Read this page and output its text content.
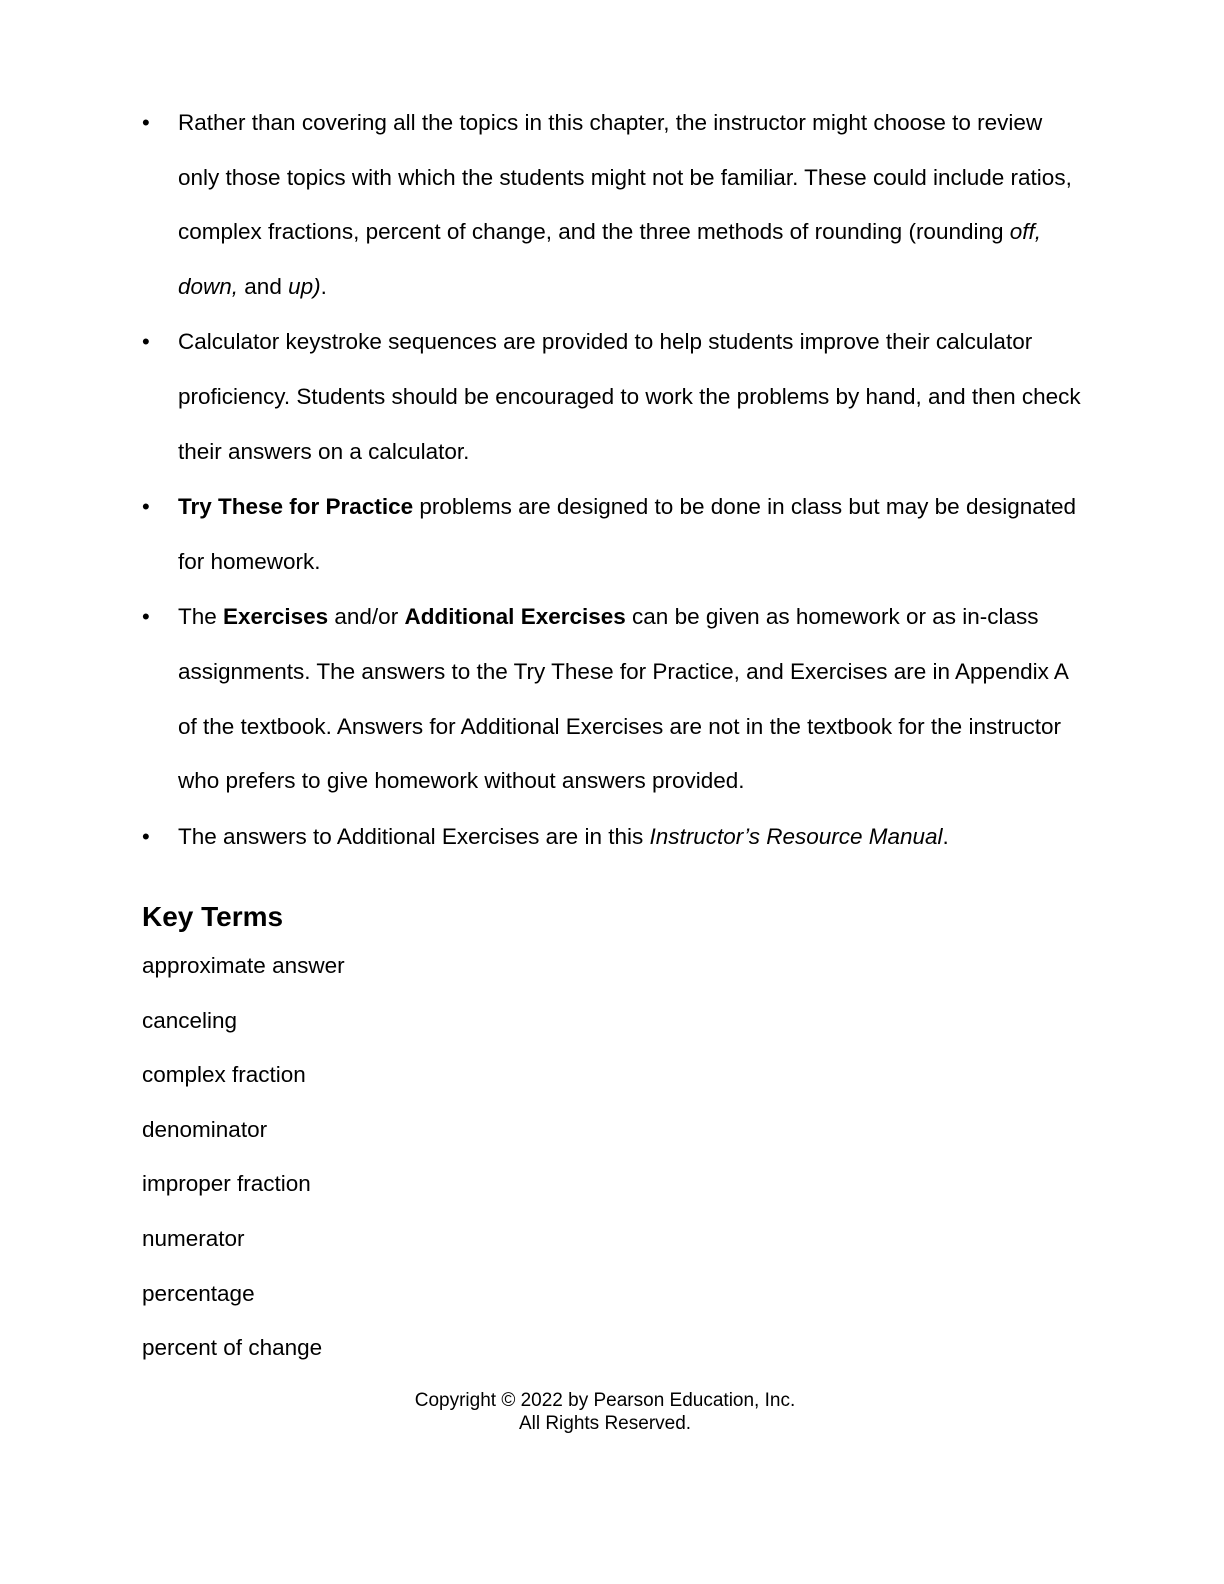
• Rather than covering all the topics in this chapter, the instructor might choose to review only those topics with which the students might not be familiar. These could include ratios, complex fractions, percent of change, and the three methods of rounding (rounding off, down, and up).
• Calculator keystroke sequences are provided to help students improve their calculator proficiency. Students should be encouraged to work the problems by hand, and then check their answers on a calculator.
• Try These for Practice problems are designed to be done in class but may be designated for homework.
• The Exercises and/or Additional Exercises can be given as homework or as in-class assignments. The answers to the Try These for Practice, and Exercises are in Appendix A of the textbook. Answers for Additional Exercises are not in the textbook for the instructor who prefers to give homework without answers provided.
• The answers to Additional Exercises are in this Instructor’s Resource Manual.
Key Terms
approximate answer
canceling
complex fraction
denominator
improper fraction
numerator
percentage
percent of change
Copyright © 2022 by Pearson Education, Inc.
All Rights Reserved.
